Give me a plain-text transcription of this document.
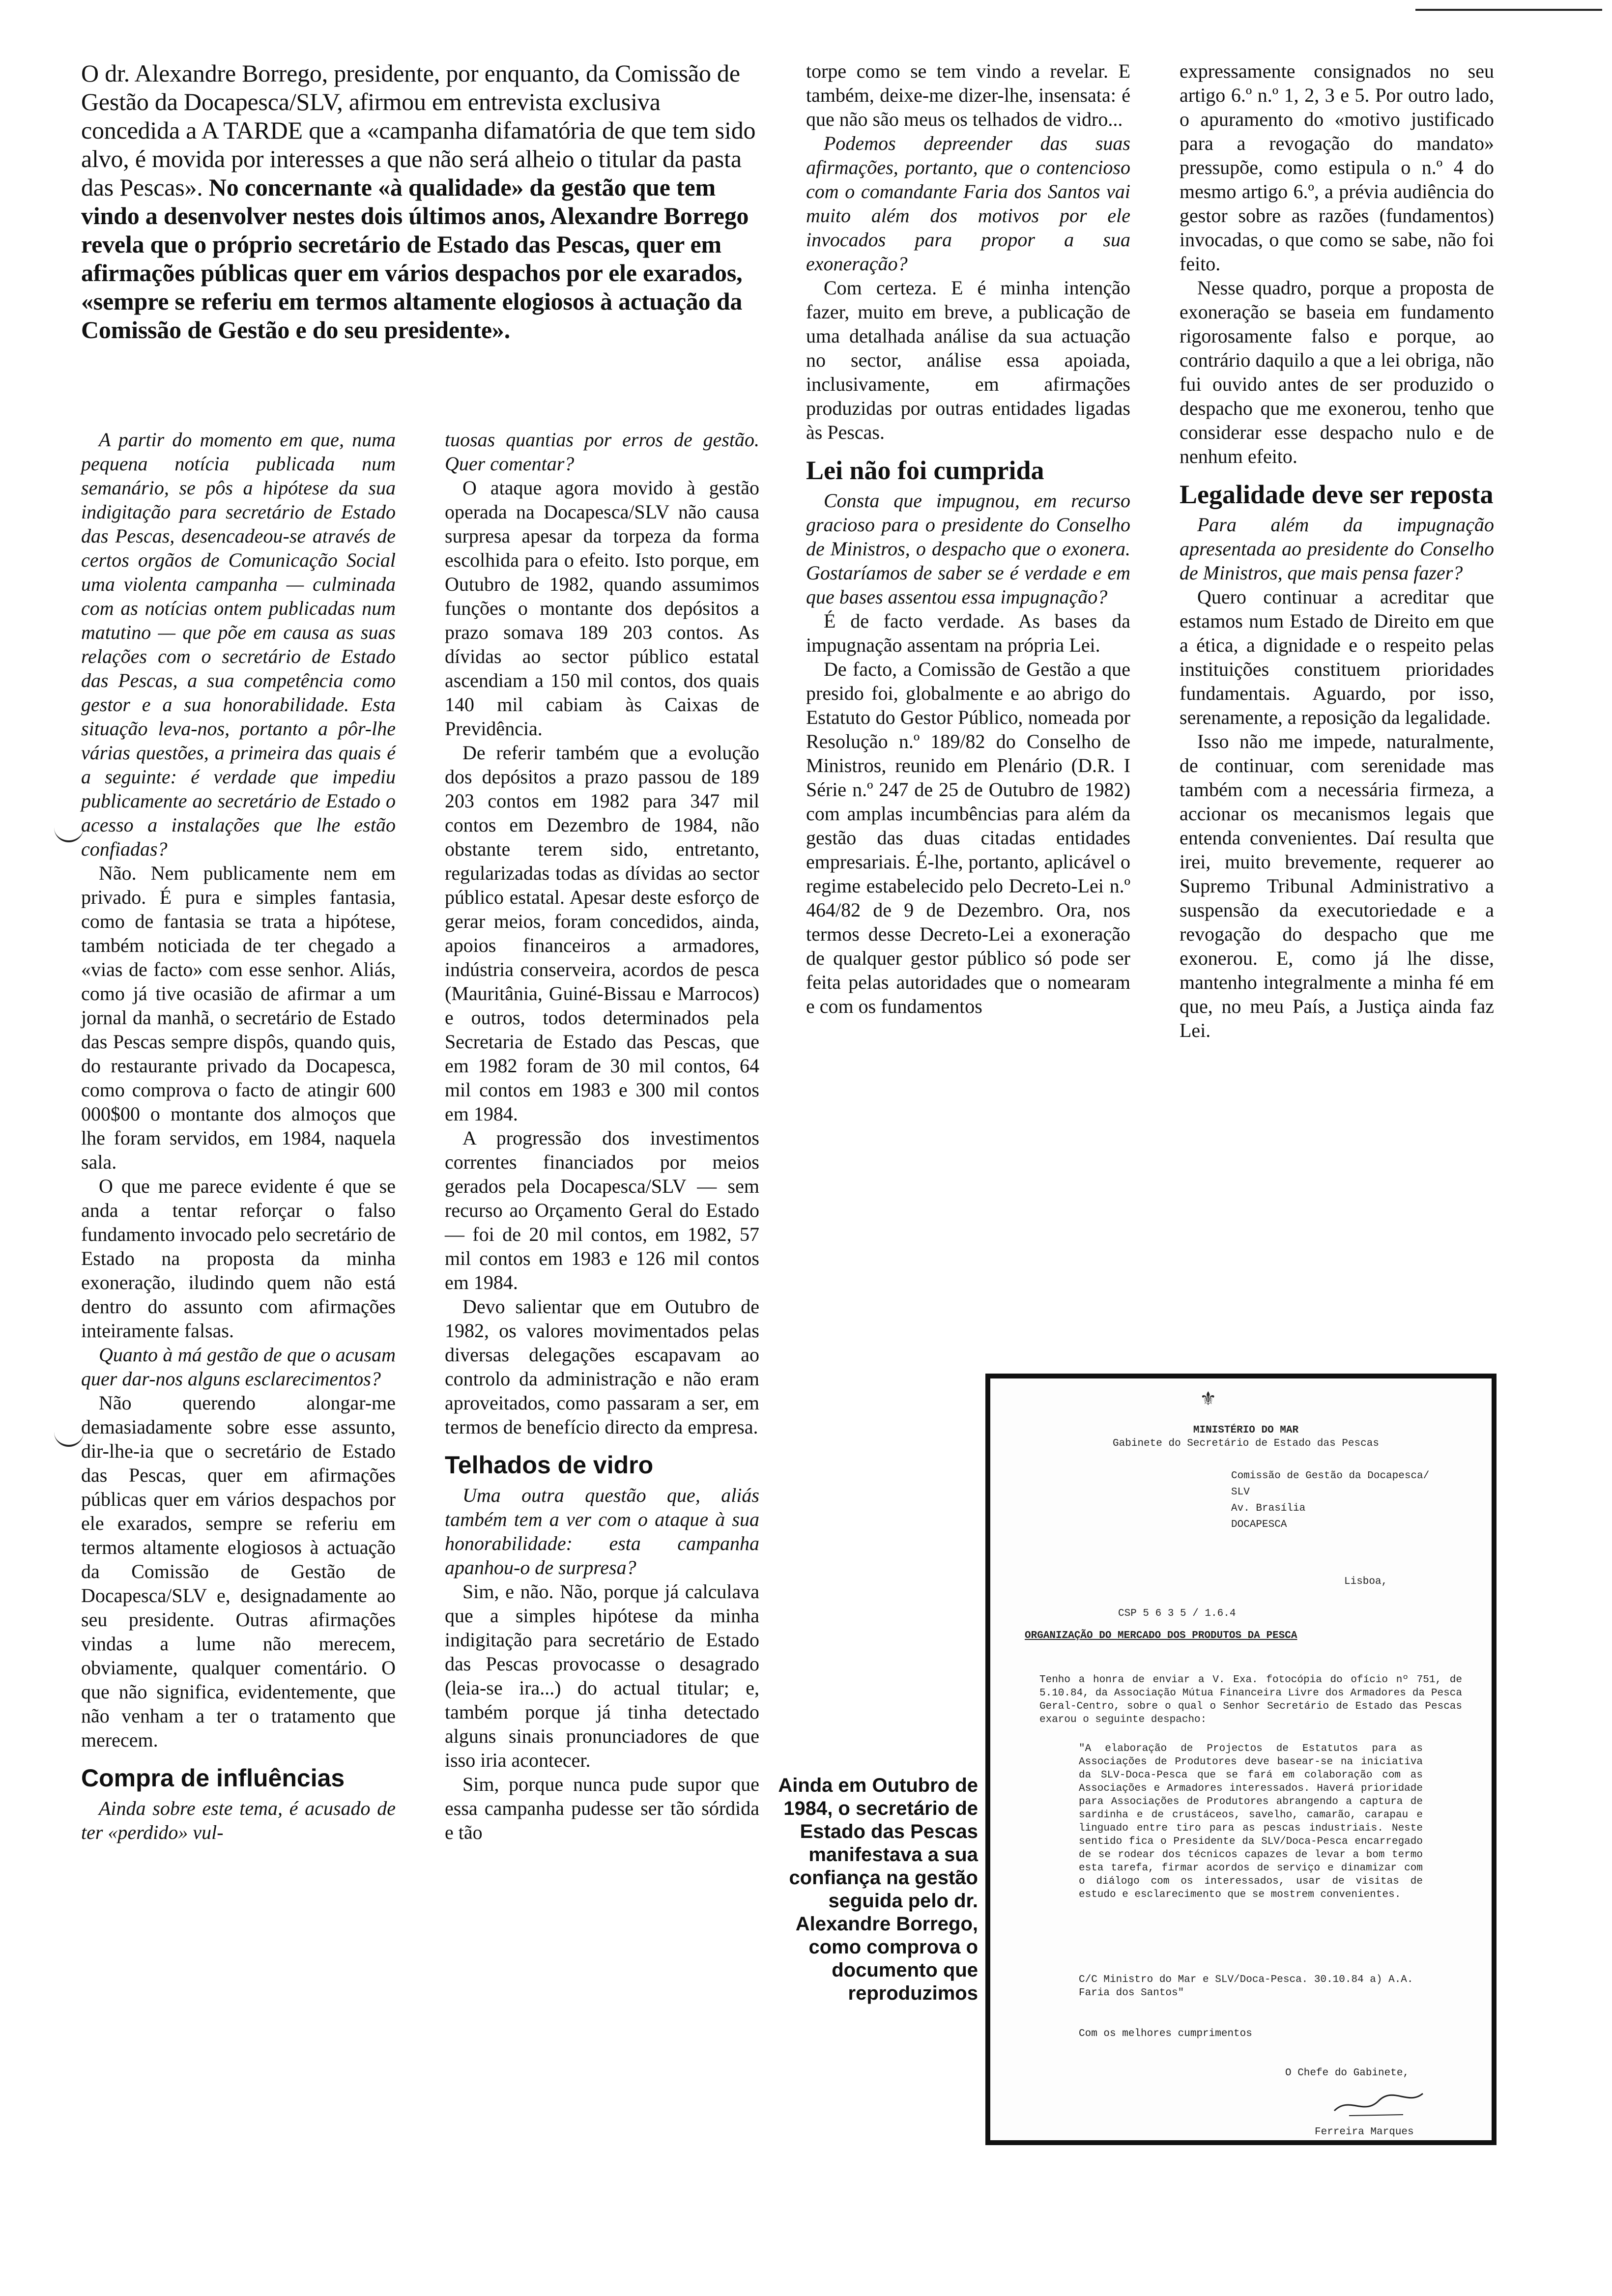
O dr. Alexandre Borrego, presidente, por enquanto, da Comissão de Gestão da Docapesca/SLV, afirmou em entrevista exclusiva concedida a A TARDE que a «campanha difamatória de que tem sido alvo, é movida por interesses a que não será alheio o titular da pasta das Pescas». No concernante «à qualidade» da gestão que tem vindo a desenvolver nestes dois últimos anos, Alexandre Borrego revela que o próprio secretário de Estado das Pescas, quer em afirmações públicas quer em vários despachos por ele exarados, «sempre se referiu em termos altamente elogiosos à actuação da Comissão de Gestão e do seu presidente».

A partir do momento em que, numa pequena notícia publicada num semanário, se pôs a hipótese da sua indigitação para secretário de Estado das Pescas, desencadeou-se através de certos orgãos de Comunicação Social uma violenta campanha — culminada com as notícias ontem publicadas num matutino — que põe em causa as suas relações com o secretário de Estado das Pescas, a sua competência como gestor e a sua honorabilidade. Esta situação leva-nos, portanto a pôr-lhe várias questões, a primeira das quais é a seguinte: é verdade que impediu publicamente ao secretário de Estado o acesso a instalações que lhe estão confiadas?

Não. Nem publicamente nem em privado. É pura e simples fantasia, como de fantasia se trata a hipótese, também noticiada de ter chegado a «vias de facto» com esse senhor. Aliás, como já tive ocasião de afirmar a um jornal da manhã, o secretário de Estado das Pescas sempre dispôs, quando quis, do restaurante privado da Docapesca, como comprova o facto de atingir 600 000$00 o montante dos almoços que lhe foram servidos, em 1984, naquela sala.

O que me parece evidente é que se anda a tentar reforçar o falso fundamento invocado pelo secretário de Estado na proposta da minha exoneração, iludindo quem não está dentro do assunto com afirmações inteiramente falsas.

Quanto à má gestão de que o acusam quer dar-nos alguns esclarecimentos?

Não querendo alongar-me demasiadamente sobre esse assunto, dir-lhe-ia que o secretário de Estado das Pescas, quer em afirmações públicas quer em vários despachos por ele exarados, sempre se referiu em termos altamente elogiosos à actuação da Comissão de Gestão de Docapesca/SLV e, designadamente ao seu presidente. Outras afirmações vindas a lume não merecem, obviamente, qualquer comentário. O que não significa, evidentemente, que não venham a ter o tratamento que merecem.

Compra de influências

Ainda sobre este tema, é acusado de ter «perdido» vul-

tuosas quantias por erros de gestão. Quer comentar?

O ataque agora movido à gestão operada na Docapesca/SLV não causa surpresa apesar da torpeza da forma escolhida para o efeito. Isto porque, em Outubro de 1982, quando assumimos funções o montante dos depósitos a prazo somava 189 203 contos. As dívidas ao sector público estatal ascendiam a 150 mil contos, dos quais 140 mil cabiam às Caixas de Previdência.

De referir também que a evolução dos depósitos a prazo passou de 189 203 contos em 1982 para 347 mil contos em Dezembro de 1984, não obstante terem sido, entretanto, regularizadas todas as dívidas ao sector público estatal. Apesar deste esforço de gerar meios, foram concedidos, ainda, apoios financeiros a armadores, indústria conserveira, acordos de pesca (Mauritânia, Guiné-Bissau e Marrocos) e outros, todos determinados pela Secretaria de Estado das Pescas, que em 1982 foram de 30 mil contos, 64 mil contos em 1983 e 300 mil contos em 1984.

A progressão dos investimentos correntes financiados por meios gerados pela Docapesca/SLV — sem recurso ao Orçamento Geral do Estado — foi de 20 mil contos, em 1982, 57 mil contos em 1983 e 126 mil contos em 1984.

Devo salientar que em Outubro de 1982, os valores movimentados pelas diversas delegações escapavam ao controlo da administração e não eram aproveitados, como passaram a ser, em termos de benefício directo da empresa.

Telhados de vidro

Uma outra questão que, aliás também tem a ver com o ataque à sua honorabilidade: esta campanha apanhou-o de surpresa?

Sim, e não. Não, porque já calculava que a simples hipótese da minha indigitação para secretário de Estado das Pescas provocasse o desagrado (leia-se ira...) do actual titular; e, também porque já tinha detectado alguns sinais pronunciadores de que isso iria acontecer.

Sim, porque nunca pude supor que essa campanha pudesse ser tão sórdida e tão

torpe como se tem vindo a revelar. E também, deixe-me dizer-lhe, insensata: é que não são meus os telhados de vidro...

Podemos depreender das suas afirmações, portanto, que o contencioso com o comandante Faria dos Santos vai muito além dos motivos por ele invocados para propor a sua exoneração?

Com certeza. E é minha intenção fazer, muito em breve, a publicação de uma detalhada análise da sua actuação no sector, análise essa apoiada, inclusivamente, em afirmações produzidas por outras entidades ligadas às Pescas.

Lei não foi cumprida

Consta que impugnou, em recurso gracioso para o presidente do Conselho de Ministros, o despacho que o exonera. Gostaríamos de saber se é verdade e em que bases assentou essa impugnação?

É de facto verdade. As bases da impugnação assentam na própria Lei.

De facto, a Comissão de Gestão a que presido foi, globalmente e ao abrigo do Estatuto do Gestor Público, nomeada por Resolução n.º 189/82 do Conselho de Ministros, reunido em Plenário (D.R. I Série n.º 247 de 25 de Outubro de 1982) com amplas incumbências para além da gestão das duas citadas entidades empresariais. É-lhe, portanto, aplicável o regime estabelecido pelo Decreto-Lei n.º 464/82 de 9 de Dezembro. Ora, nos termos desse Decreto-Lei a exoneração de qualquer gestor público só pode ser feita pelas autoridades que o nomearam e com os fundamentos

expressamente consignados no seu artigo 6.º n.º 1, 2, 3 e 5. Por outro lado, o apuramento do «motivo justificado para a revogação do mandato» pressupõe, como estipula o n.º 4 do mesmo artigo 6.º, a prévia audiência do gestor sobre as razões (fundamentos) invocadas, o que como se sabe, não foi feito.

Nesse quadro, porque a proposta de exoneração se baseia em fundamento rigorosamente falso e porque, ao contrário daquilo a que a lei obriga, não fui ouvido antes de ser produzido o despacho que me exonerou, tenho que considerar esse despacho nulo e de nenhum efeito.

Legalidade deve ser reposta

Para além da impugnação apresentada ao presidente do Conselho de Ministros, que mais pensa fazer?

Quero continuar a acreditar que estamos num Estado de Direito em que a ética, a dignidade e o respeito pelas instituições constituem prioridades fundamentais. Aguardo, por isso, serenamente, a reposição da legalidade.

Isso não me impede, naturalmente, de continuar, com serenidade mas também com a necessária firmeza, a accionar os mecanismos legais que entenda convenientes. Daí resulta que irei, muito brevemente, requerer ao Supremo Tribunal Administrativo a suspensão da executoriedade e a revogação do despacho que me exonerou. E, como já lhe disse, mantenho integralmente a minha fé em que, no meu País, a Justiça ainda faz Lei.

⚜
MINISTÉRIO DO MAR
Gabinete do Secretário de Estado das Pescas
Comissão de Gestão da Docapesca/
SLV
Av. Brasília
DOCAPESCA
Lisboa,
CSP 5 6 3 5 / 1.6.4
ORGANIZAÇÃO DO MERCADO DOS PRODUTOS DA PESCA
Tenho a honra de enviar a V. Exa. fotocópia do ofício nº 751, de 5.10.84, da Associação Mútua Financeira Livre dos Armadores da Pesca Geral-Centro, sobre o qual o Senhor Secretário de Estado das Pescas exarou o seguinte despacho:
"A elaboração de Projectos de Estatutos para as Associações de Produtores deve basear-se na iniciativa da SLV-Doca-Pesca que se fará em colaboração com as Associações e Armadores interessados. Haverá prioridade para Associações de Produtores abrangendo a captura de sardinha e de crustáceos, savelho, camarão, carapau e linguado entre tiro para as pescas industriais. Neste sentido fica o Presidente da SLV/Doca-Pesca encarregado de se rodear dos técnicos capazes de levar a bom termo esta tarefa, firmar acordos de serviço e dinamizar com o diálogo com os interessados, usar de visitas de estudo e esclarecimento que se mostrem convenientes.
C/C Ministro do Mar e SLV/Doca-Pesca. 30.10.84 a) A.A. Faria dos Santos"
Com os melhores cumprimentos
O Chefe do Gabinete,
Ferreira Marques
Ainda em Outubro de 1984, o secretário de Estado das Pescas manifestava a sua confiança na gestão seguida pelo dr. Alexandre Borrego, como comprova o documento que reproduzimos
